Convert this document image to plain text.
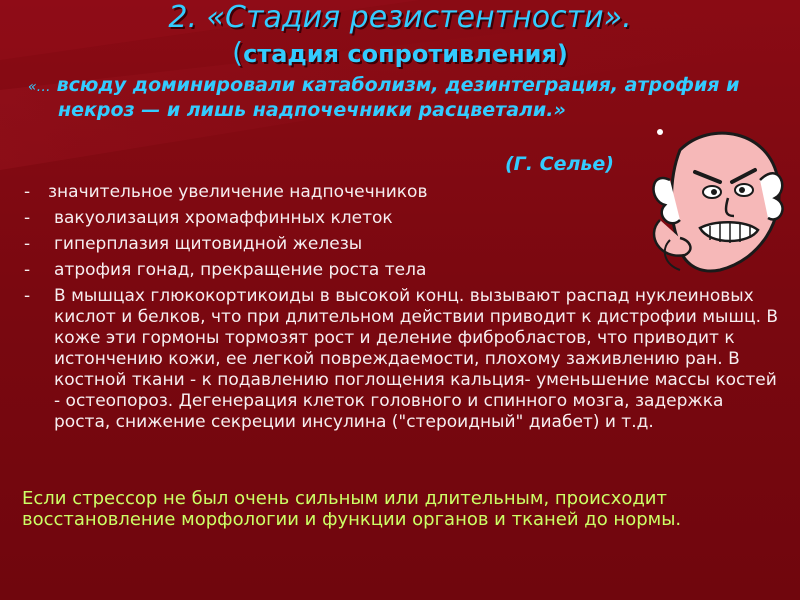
2. «Стадия резистентности».
(стадия сопротивления)
«… всюду доминировали катаболизм, дезинтеграция, атрофия и некроз — и лишь надпочечники расцветали.»
(Г. Селье)
- значительное увеличение надпочечников
- вакуолизация хромаффинных клеток
- гиперплазия щитовидной железы
- атрофия гонад, прекращение роста тела
- В мышцах глюкокортикоиды в высокой конц. вызывают распад нуклеиновых кислот и белков, что при длительном действии приводит к дистрофии мышц. В коже эти гормоны тормозят рост и деление фибробластов, что приводит к истончению кожи, ее легкой повреждаемости, плохому заживлению ран. В костной ткани - к подавлению поглощения кальция- уменьшение массы костей - остеопороз. Дегенерация клеток головного и спинного мозга, задержка роста, снижение секреции инсулина ("стероидный" диабет) и т.д.
Если стрессор не был очень сильным или длительным, происходит восстановление морфологии и функции органов и тканей до нормы.
